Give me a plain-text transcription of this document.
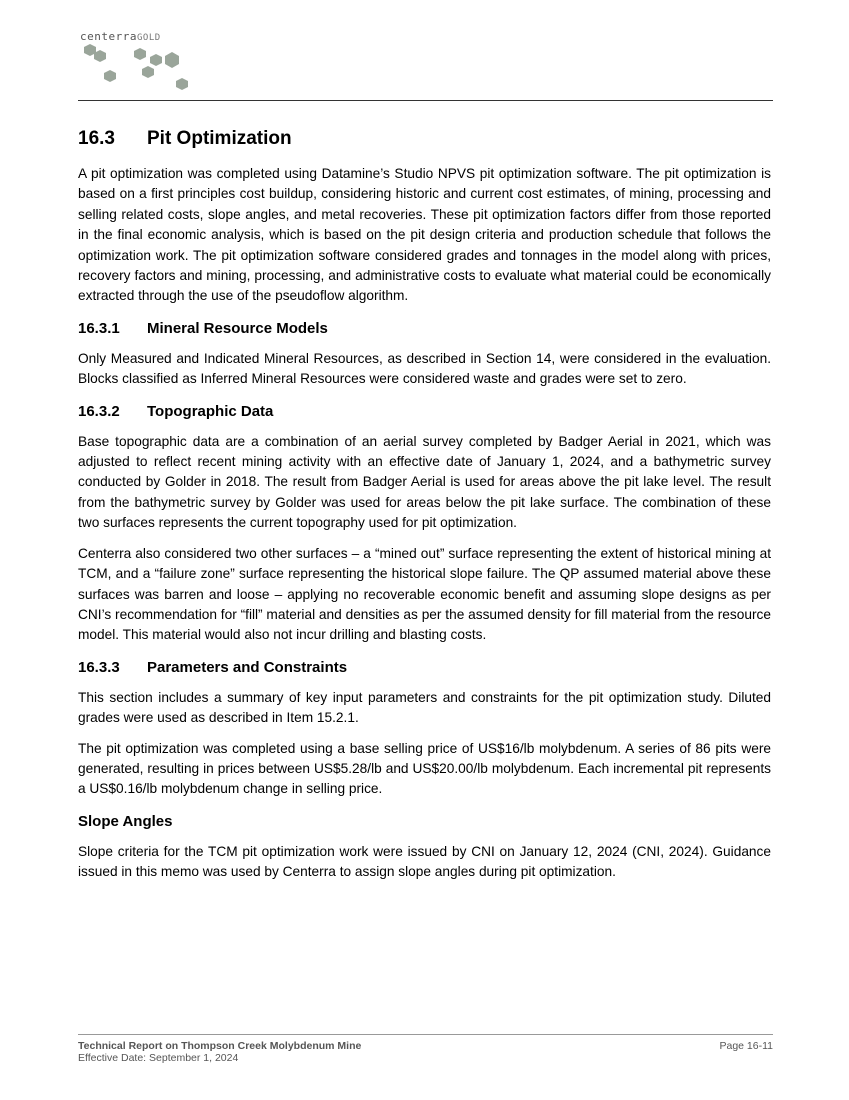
centerraGOLD
16.3 Pit Optimization

A pit optimization was completed using Datamine’s Studio NPVS pit optimization software. The pit optimization is based on a first principles cost buildup, considering historic and current cost estimates, of mining, processing and selling related costs, slope angles, and metal recoveries. These pit optimization factors differ from those reported in the final economic analysis, which is based on the pit design criteria and production schedule that follows the optimization work. The pit optimization software considered grades and tonnages in the model along with prices, recovery factors and mining, processing, and administrative costs to evaluate what material could be economically extracted through the use of the pseudoflow algorithm.

16.3.1 Mineral Resource Models

Only Measured and Indicated Mineral Resources, as described in Section 14, were considered in the evaluation. Blocks classified as Inferred Mineral Resources were considered waste and grades were set to zero.

16.3.2 Topographic Data

Base topographic data are a combination of an aerial survey completed by Badger Aerial in 2021, which was adjusted to reflect recent mining activity with an effective date of January 1, 2024, and a bathymetric survey conducted by Golder in 2018. The result from Badger Aerial is used for areas above the pit lake level. The result from the bathymetric survey by Golder was used for areas below the pit lake surface. The combination of these two surfaces represents the current topography used for pit optimization.

Centerra also considered two other surfaces – a “mined out” surface representing the extent of historical mining at TCM, and a “failure zone” surface representing the historical slope failure. The QP assumed material above these surfaces was barren and loose – applying no recoverable economic benefit and assuming slope designs as per CNI’s recommendation for “fill” material and densities as per the assumed density for fill material from the resource model. This material would also not incur drilling and blasting costs.

16.3.3 Parameters and Constraints

This section includes a summary of key input parameters and constraints for the pit optimization study. Diluted grades were used as described in Item 15.2.1.

The pit optimization was completed using a base selling price of US$16/lb molybdenum. A series of 86 pits were generated, resulting in prices between US$5.28/lb and US$20.00/lb molybdenum. Each incremental pit represents a US$0.16/lb molybdenum change in selling price.

Slope Angles

Slope criteria for the TCM pit optimization work were issued by CNI on January 12, 2024 (CNI, 2024). Guidance issued in this memo was used by Centerra to assign slope angles during pit optimization.

Technical Report on Thompson Creek Molybdenum Mine
Effective Date: September 1, 2024
Page 16-11
